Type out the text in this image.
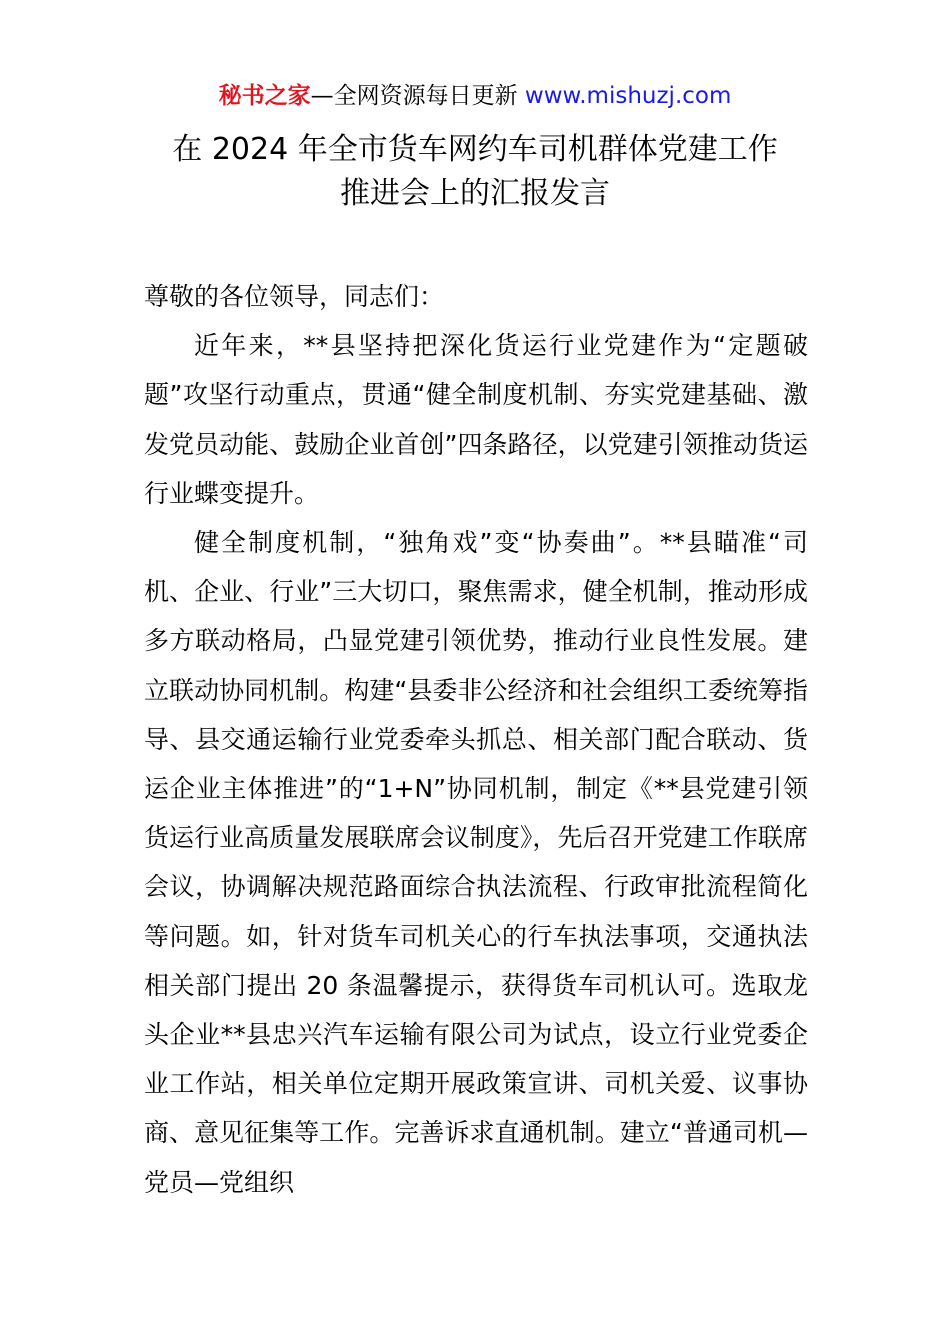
秘书之家—全网资源每日更新 www.mishuzj.com
在 2024 年全市货车网约车司机群体党建工作
推进会上的汇报发言

尊敬的各位领导，同志们：

近年来，**县坚持把深化货运行业党建作为“定题破题”攻坚行动重点，贯通“健全制度机制、夯实党建基础、激发党员动能、鼓励企业首创”四条路径，以党建引领推动货运行业蝶变提升。

健全制度机制，“独角戏”变“协奏曲”。**县瞄准“司机、企业、行业”三大切口，聚焦需求，健全机制，推动形成多方联动格局，凸显党建引领优势，推动行业良性发展。建立联动协同机制。构建“县委非公经济和社会组织工委统筹指导、县交通运输行业党委牵头抓总、相关部门配合联动、货运企业主体推进”的“1+N”协同机制，制定《**县党建引领货运行业高质量发展联席会议制度》，先后召开党建工作联席会议，协调解决规范路面综合执法流程、行政审批流程简化等问题。如，针对货车司机关心的行车执法事项，交通执法相关部门提出 20 条温馨提示，获得货车司机认可。选取龙头企业**县忠兴汽车运输有限公司为试点，设立行业党委企业工作站，相关单位定期开展政策宣讲、司机关爱、议事协商、意见征集等工作。完善诉求直通机制。建立“普通司机—党员—党组织
